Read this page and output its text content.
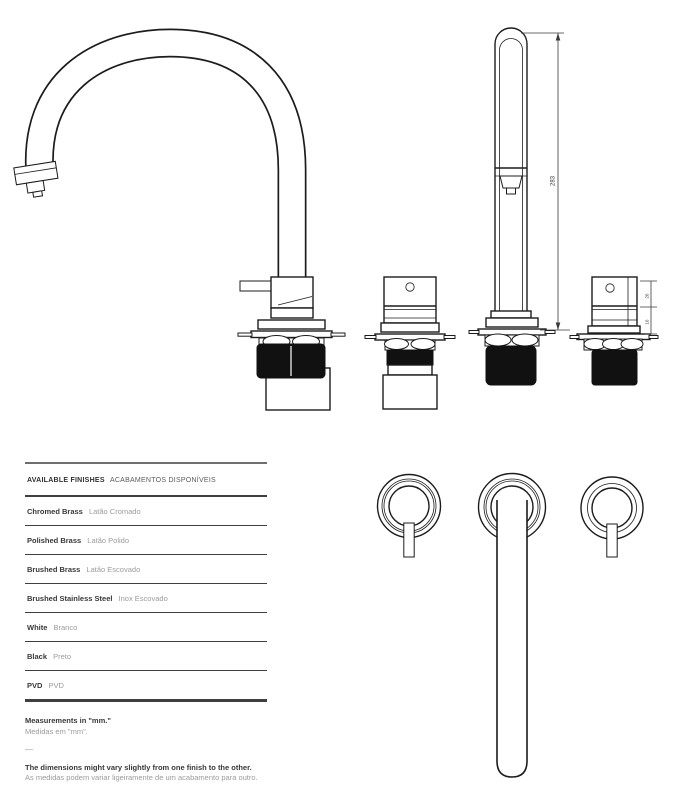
283
26
16
AVAILABLE FINISHES ACABAMENTOS DISPONÍVEIS
Chromed Brass Latão Cromado
Polished Brass Latão Polido
Brushed Brass Latão Escovado
Brushed Stainless Steel Inox Escovado
White Branco
Black Preto
PVD PVD
Measurements in "mm."
Medidas em "mm".
—
The dimensions might vary slightly from one finish to the other.
As medidas podem variar ligeiramente de um acabamento para outro.
